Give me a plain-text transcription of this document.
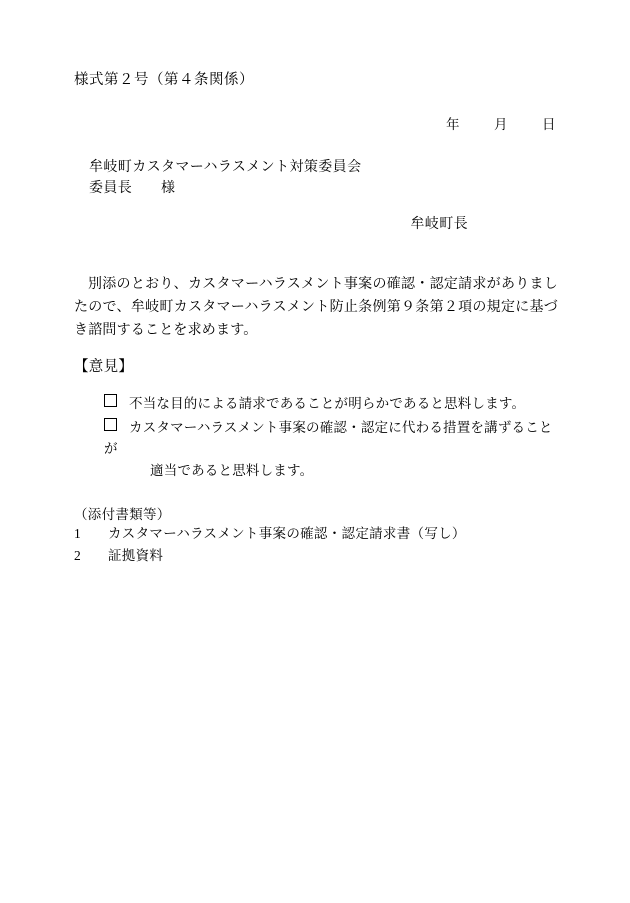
様式第２号（第４条関係）
年	月	日
牟岐町カスタマーハラスメント対策委員会
委員長　　様
牟岐町長
別添のとおり、カスタマーハラスメント事案の確認・認定請求がありましたので、牟岐町カスタマーハラスメント防止条例第９条第２項の規定に基づき諮問することを求めます。
【意見】
不当な目的による請求であることが明らかであると思料します。
カスタマーハラスメント事案の確認・認定に代わる措置を講ずることが
適当であると思料します。
（添付書類等）
1 カスタマーハラスメント事案の確認・認定請求書（写し）
2 証拠資料
